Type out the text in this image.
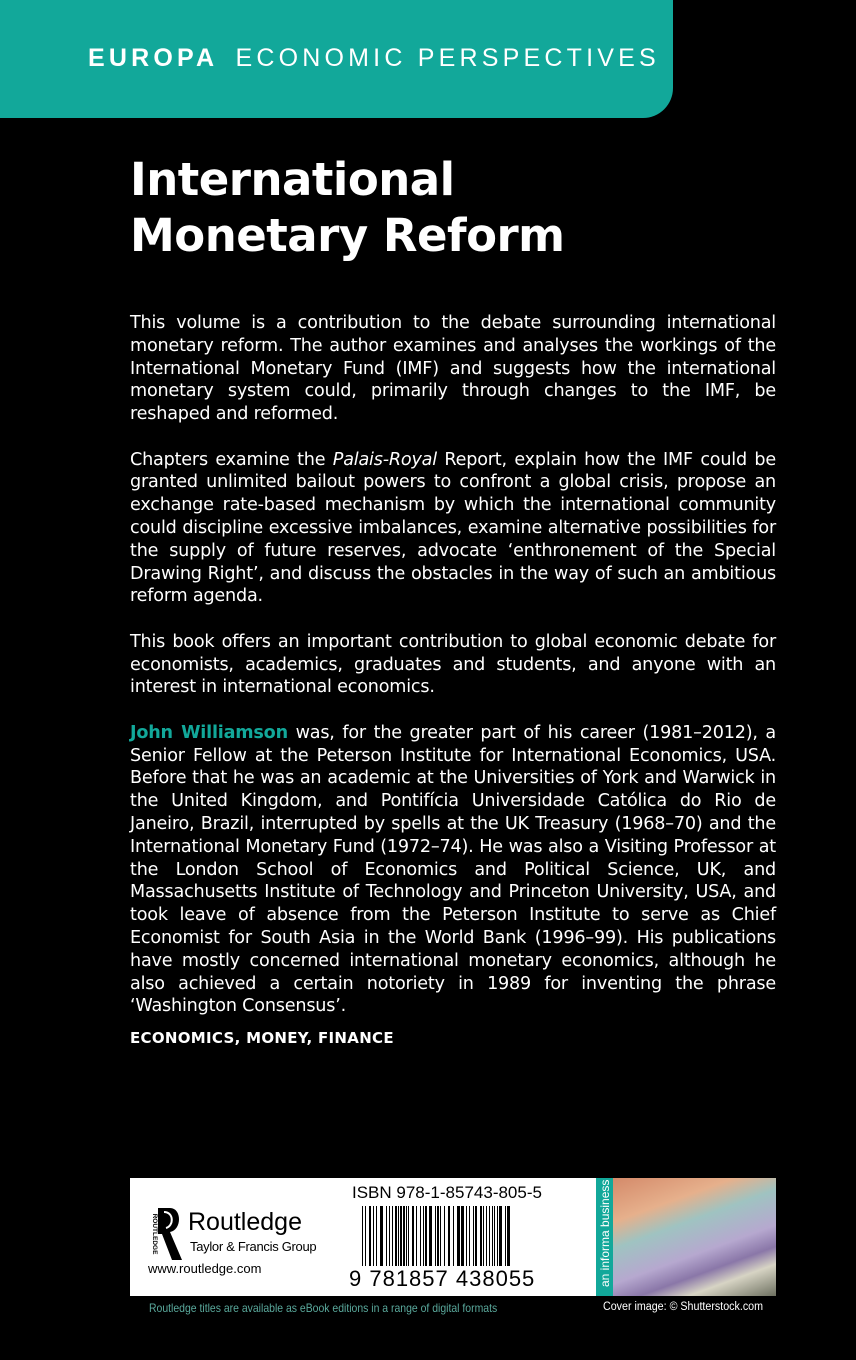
EUROPA ECONOMIC PERSPECTIVES
International
Monetary Reform

This volume is a contribution to the debate surrounding international monetary reform. The author examines and analyses the workings of the International Monetary Fund (IMF) and suggests how the international monetary system could, primarily through changes to the IMF, be reshaped and reformed.

Chapters examine the Palais-Royal Report, explain how the IMF could be granted unlimited bailout powers to confront a global crisis, propose an exchange rate-based mechanism by which the international community could discipline excessive imbalances, examine alternative possibilities for the supply of future reserves, advocate ‘enthronement of the Special Drawing Right’, and discuss the obstacles in the way of such an ambitious reform agenda.

This book offers an important contribution to global economic debate for economists, academics, graduates and students, and anyone with an interest in international economics.

John Williamson was, for the greater part of his career (1981–2012), a Senior Fellow at the Peterson Institute for International Economics, USA. Before that he was an academic at the Universities of York and Warwick in the United Kingdom, and Pontifícia Universidade Católica do Rio de Janeiro, Brazil, interrupted by spells at the UK Treasury (1968–70) and the International Monetary Fund (1972–74). He was also a Visiting Professor at the London School of Economics and Political Science, UK, and Massachusetts Institute of Technology and Princeton University, USA, and took leave of absence from the Peterson Institute to serve as Chief Economist for South Asia in the World Bank (1996–99). His publications have mostly concerned international monetary economics, although he also achieved a certain notoriety in 1989 for inventing the phrase ‘Washington Consensus’.

ECONOMICS, MONEY, FINANCE
ROUTLEDGE Routledge
Taylor & Francis Group
www.routledge.com
ISBN 978-1-85743-805-5
9 781857 438055	an informa business
Routledge titles are available as eBook editions in a range of digital formats	Cover image: © Shutterstock.com
